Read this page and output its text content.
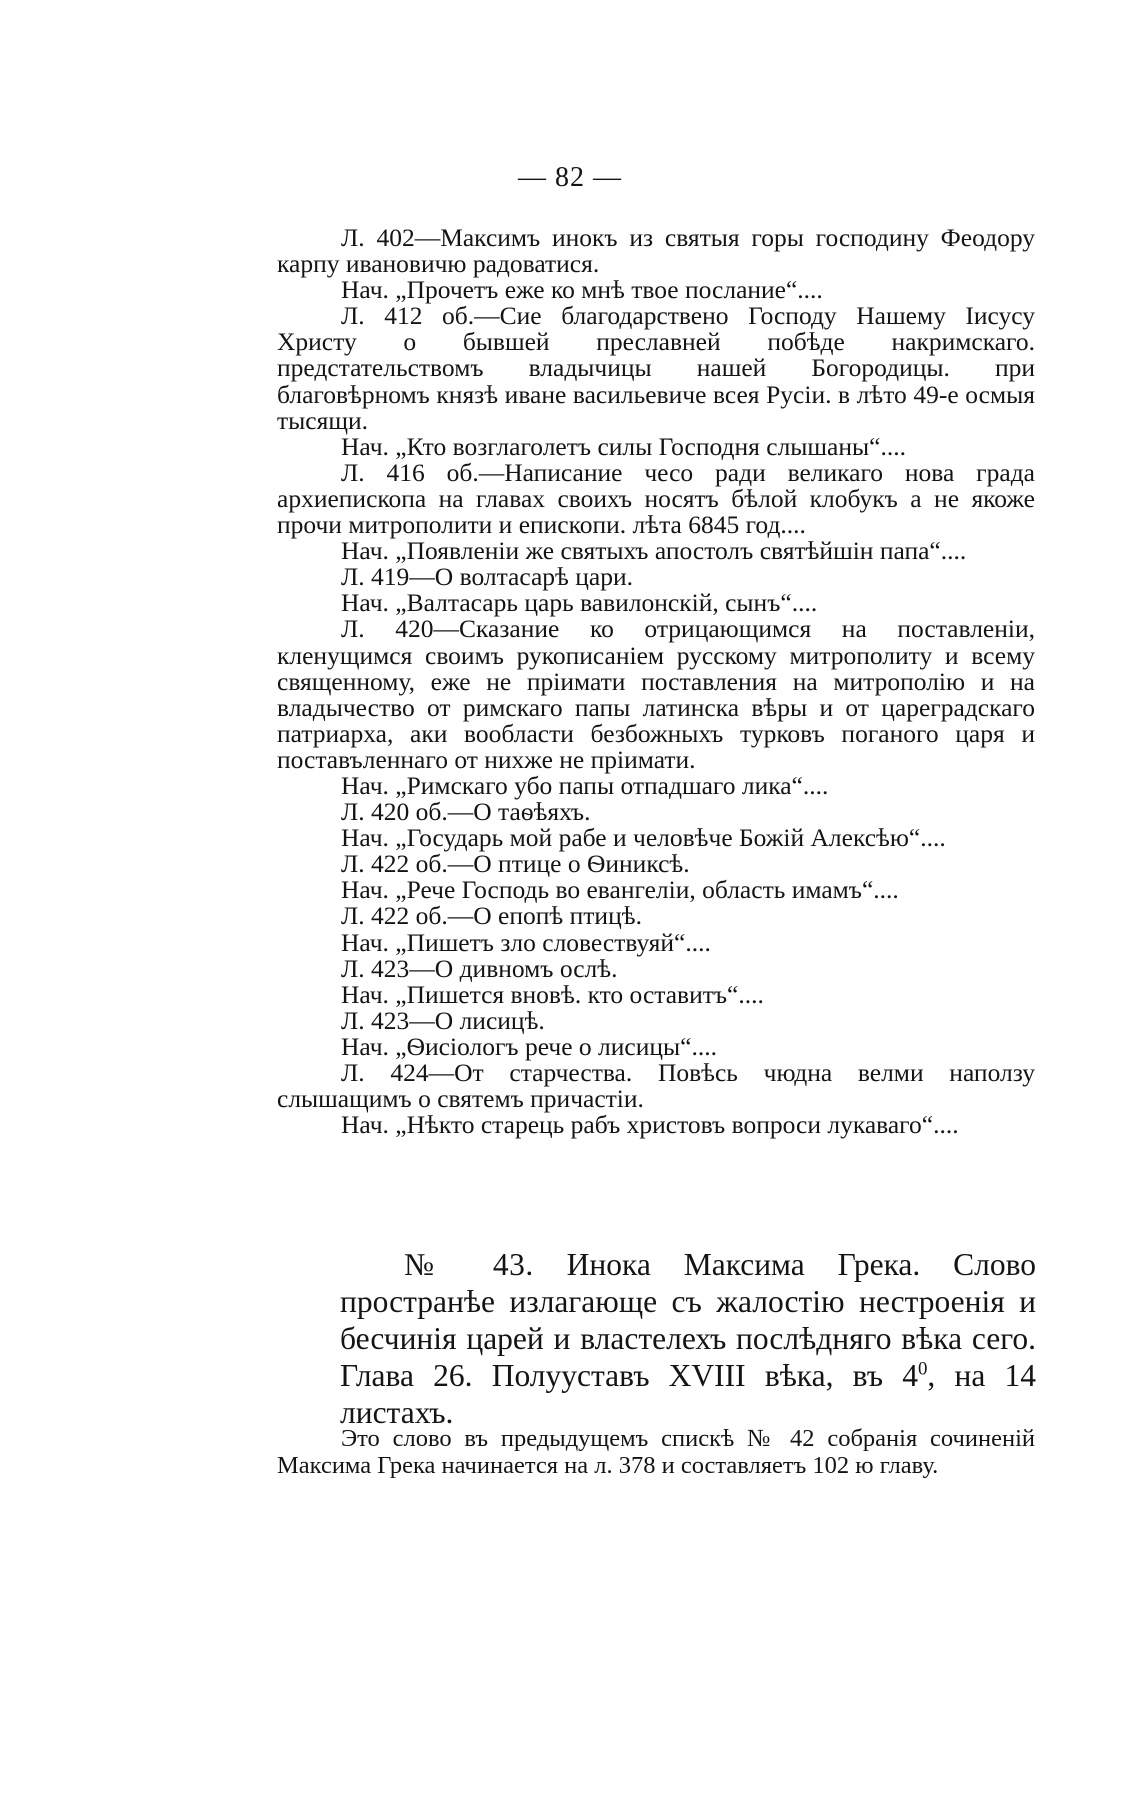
— 82 —

Л. 402—Максимъ инокъ из святыя горы господину Феодору карпу ивановичю радоватися.

Нач. „Прочетъ еже ко мнѣ твое послание“....

Л. 412 об.—Сие благодарствено Господу Нашему Іисусу Христу о бывшей преславней побѣде накримскаго. предстательствомъ владычицы нашей Богородицы. при благовѣрномъ князѣ иване васильевиче всея Русіи. в лѣто 49-е осмыя тысящи.

Нач. „Кто возглаголетъ силы Господня слышаны“....

Л. 416 об.—Написание чесо ради великаго нова града архиепископа на главах своихъ носятъ бѣлой клобукъ а не якоже прочи митрополити и епископи. лѣта 6845 год....

Нач. „Появленіи же святыхъ апостолъ святѣйшін папа“....

Л. 419—О волтасарѣ цари.

Нач. „Валтасарь царь вавилонскій, сынъ“....

Л. 420—Сказание ко отрицающимся на поставленіи, кленущимся своимъ рукописаніем русскому митрополиту и всему священному, еже не пріимати поставления на митрополію и на владычество от римскаго папы латинска вѣры и от цареградскаго патриарха, аки вообласти безбожныхъ турковъ поганого царя и поставъленнаго от нихже не пріимати.

Нач. „Римскаго убо папы отпадшаго лика“....

Л. 420 об.—О таѳѣяхъ.

Нач. „Государь мой рабе и человѣче Божій Алексѣю“....

Л. 422 об.—О птице о Ѳиниксѣ.

Нач. „Рече Господь во евангеліи, область имамъ“....

Л. 422 об.—О епопѣ птицѣ.

Нач. „Пишетъ зло словествуяй“....

Л. 423—О дивномъ ослѣ.

Нач. „Пишется вновѣ. кто оставитъ“....

Л. 423—О лисицѣ.

Нач. „Ѳисіологъ рече о лисицы“....

Л. 424—От старчества. Повѣсь чюдна велми наползу слышащимъ о святемъ причастіи.

Нач. „Нѣкто старець рабъ христовъ вопроси лукаваго“....

№ 43. Инока Максима Грека. Слово пространѣе излагающе съ жалостію нестроенія и бесчинія царей и властелехъ послѣдняго вѣка сего. Глава 26. Полууставъ XVIII вѣка, въ $4^0$, на 14 листахъ.

Это слово въ предыдущемъ спискѣ № 42 собранія сочиненій Максима Грека начинается на л. 378 и составляетъ 102 ю главу.
